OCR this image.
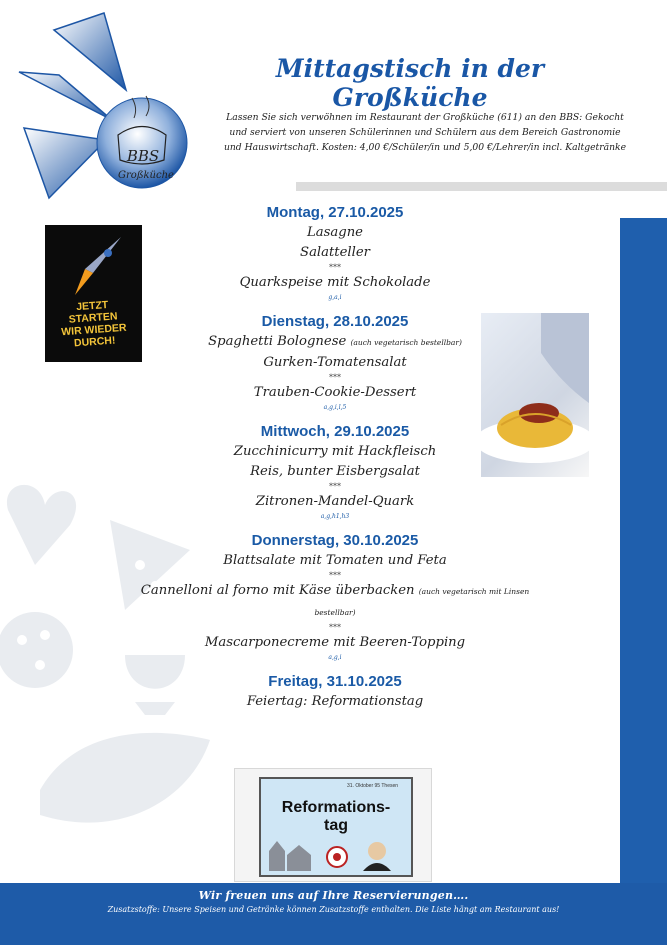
BBS
Großküche
Mittagstisch in der Großküche
Lassen Sie sich verwöhnen im Restaurant der Großküche (611) an den BBS: Gekocht und serviert von unseren Schülerinnen und Schülern aus dem Bereich Gastronomie und Hauswirtschaft. Kosten: 4,00 €/Schüler/in und 5,00 €/Lehrer/in incl. Kaltgetränke
JETZT
STARTEN
WIR WIEDER
DURCH!
Montag, 27.10.2025
Lasagne
Salatteller
***
Quarkspeise mit Schokolade
g,a,i
Dienstag, 28.10.2025
Spaghetti Bolognese (auch vegetarisch bestellbar)
Gurken-Tomatensalat
***
Trauben-Cookie-Dessert
a,g,i,l,5
Mittwoch, 29.10.2025
Zucchinicurry mit Hackfleisch
Reis, bunter Eisbergsalat
***
Zitronen-Mandel-Quark
a,g,h1,h3
Donnerstag, 30.10.2025
Blattsalate mit Tomaten und Feta
***
Cannelloni al forno mit Käse überbacken (auch vegetarisch mit Linsen bestellbar)
***
Mascarponecreme mit Beeren-Topping
a,g,i
Freitag, 31.10.2025
Feiertag: Reformationstag
31. Oktober 95 Thesen
Reformations-
tag
Wir freuen uns auf Ihre Reservierungen….
Zusatzstoffe: Unsere Speisen und Getränke können Zusatzstoffe enthalten. Die Liste hängt am Restaurant aus!
